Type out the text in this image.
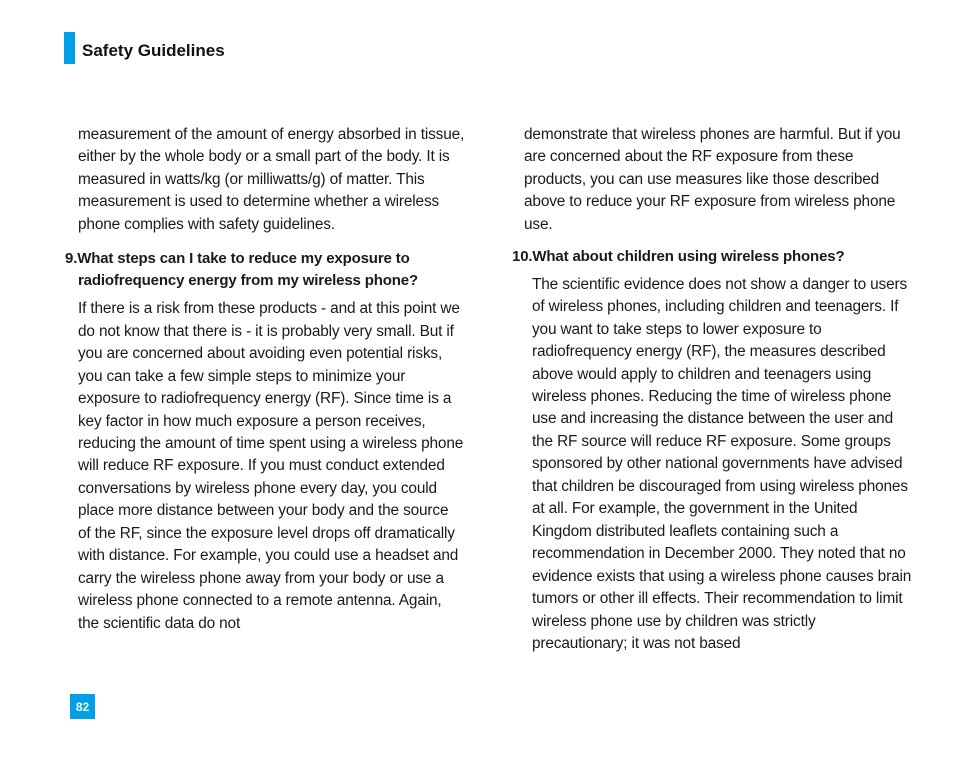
Safety Guidelines

measurement of the amount of energy absorbed in tissue, either by the whole body or a small part of the body. It is measured in watts/kg (or milliwatts/g) of matter. This measurement is used to determine whether a wireless phone complies with safety guidelines.

9.What steps can I take to reduce my exposure to
radiofrequency energy from my wireless phone?

If there is a risk from these products - and at this point we do not know that there is - it is probably very small. But if you are concerned about avoiding even potential risks, you can take a few simple steps to minimize your exposure to radiofrequency energy (RF). Since time is a key factor in how much exposure a person receives, reducing the amount of time spent using a wireless phone will reduce RF exposure. If you must conduct extended conversations by wireless phone every day, you could place more distance between your body and the source of the RF, since the exposure level drops off dramatically with distance. For example, you could use a headset and carry the wireless phone away from your body or use a wireless phone connected to a remote antenna. Again, the scientific data do not

demonstrate that wireless phones are harmful. But if you are concerned about the RF exposure from these products, you can use measures like those described above to reduce your RF exposure from wireless phone use.

10.What about children using wireless phones?

The scientific evidence does not show a danger to users of wireless phones, including children and teenagers. If you want to take steps to lower exposure to radiofrequency energy (RF), the measures described above would apply to children and teenagers using wireless phones. Reducing the time of wireless phone use and increasing the distance between the user and the RF source will reduce RF exposure. Some groups sponsored by other national governments have advised that children be discouraged from using wireless phones at all. For example, the government in the United Kingdom distributed leaflets containing such a recommendation in December 2000. They noted that no evidence exists that using a wireless phone causes brain tumors or other ill effects. Their recommendation to limit wireless phone use by children was strictly precautionary; it was not based

82
